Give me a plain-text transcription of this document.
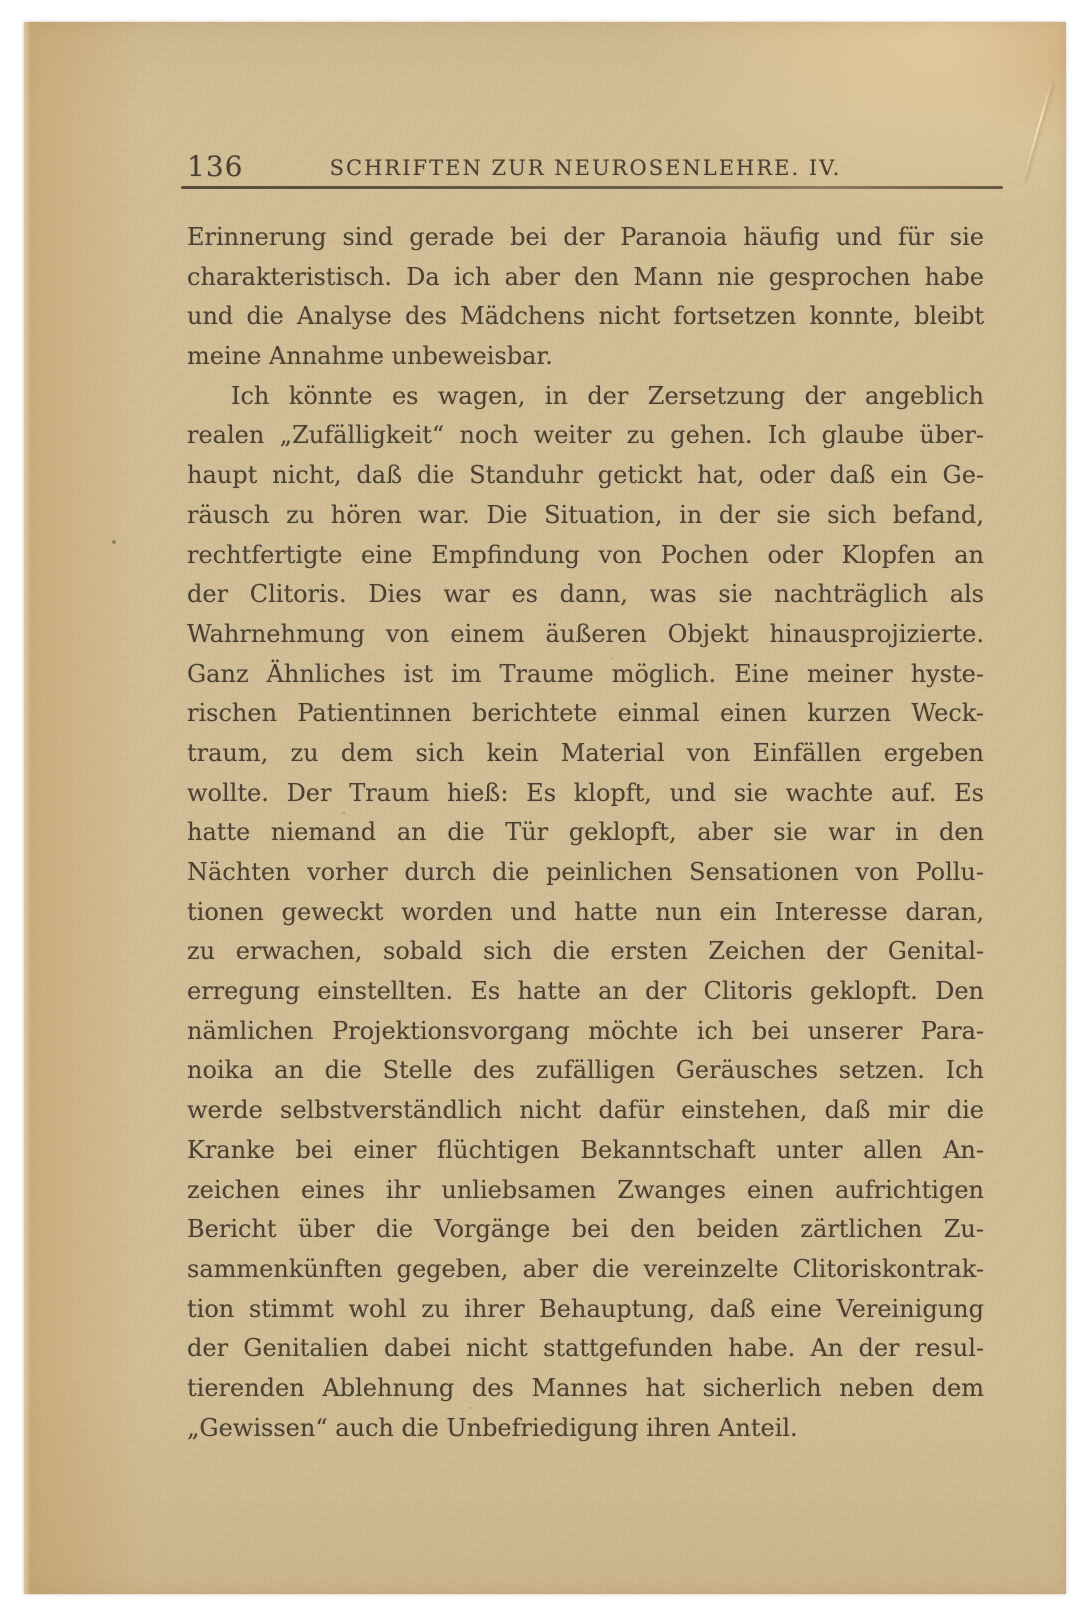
136	SCHRIFTEN ZUR NEUROSENLEHRE. IV.
Erinnerung sind gerade bei der Paranoia häufig und für sie
charakteristisch. Da ich aber den Mann nie gesprochen habe
und die Analyse des Mädchens nicht fortsetzen konnte, bleibt
meine Annahme unbeweisbar.
Ich könnte es wagen, in der Zersetzung der angeblich
realen „Zufälligkeit“ noch weiter zu gehen. Ich glaube über-
haupt nicht, daß die Standuhr getickt hat, oder daß ein Ge-
räusch zu hören war. Die Situation, in der sie sich befand,
rechtfertigte eine Empfindung von Pochen oder Klopfen an
der Clitoris. Dies war es dann, was sie nachträglich als
Wahrnehmung von einem äußeren Objekt hinausprojizierte.
Ganz Ähnliches ist im Traume möglich. Eine meiner hyste-
rischen Patientinnen berichtete einmal einen kurzen Weck-
traum, zu dem sich kein Material von Einfällen ergeben
wollte. Der Traum hieß: Es klopft, und sie wachte auf. Es
hatte niemand an die Tür geklopft, aber sie war in den
Nächten vorher durch die peinlichen Sensationen von Pollu-
tionen geweckt worden und hatte nun ein Interesse daran,
zu erwachen, sobald sich die ersten Zeichen der Genital-
erregung einstellten. Es hatte an der Clitoris geklopft. Den
nämlichen Projektionsvorgang möchte ich bei unserer Para-
noika an die Stelle des zufälligen Geräusches setzen. Ich
werde selbstverständlich nicht dafür einstehen, daß mir die
Kranke bei einer flüchtigen Bekanntschaft unter allen An-
zeichen eines ihr unliebsamen Zwanges einen aufrichtigen
Bericht über die Vorgänge bei den beiden zärtlichen Zu-
sammenkünften gegeben, aber die vereinzelte Clitoriskontrak-
tion stimmt wohl zu ihrer Behauptung, daß eine Vereinigung
der Genitalien dabei nicht stattgefunden habe. An der resul-
tierenden Ablehnung des Mannes hat sicherlich neben dem
„Gewissen“ auch die Unbefriedigung ihren Anteil.
